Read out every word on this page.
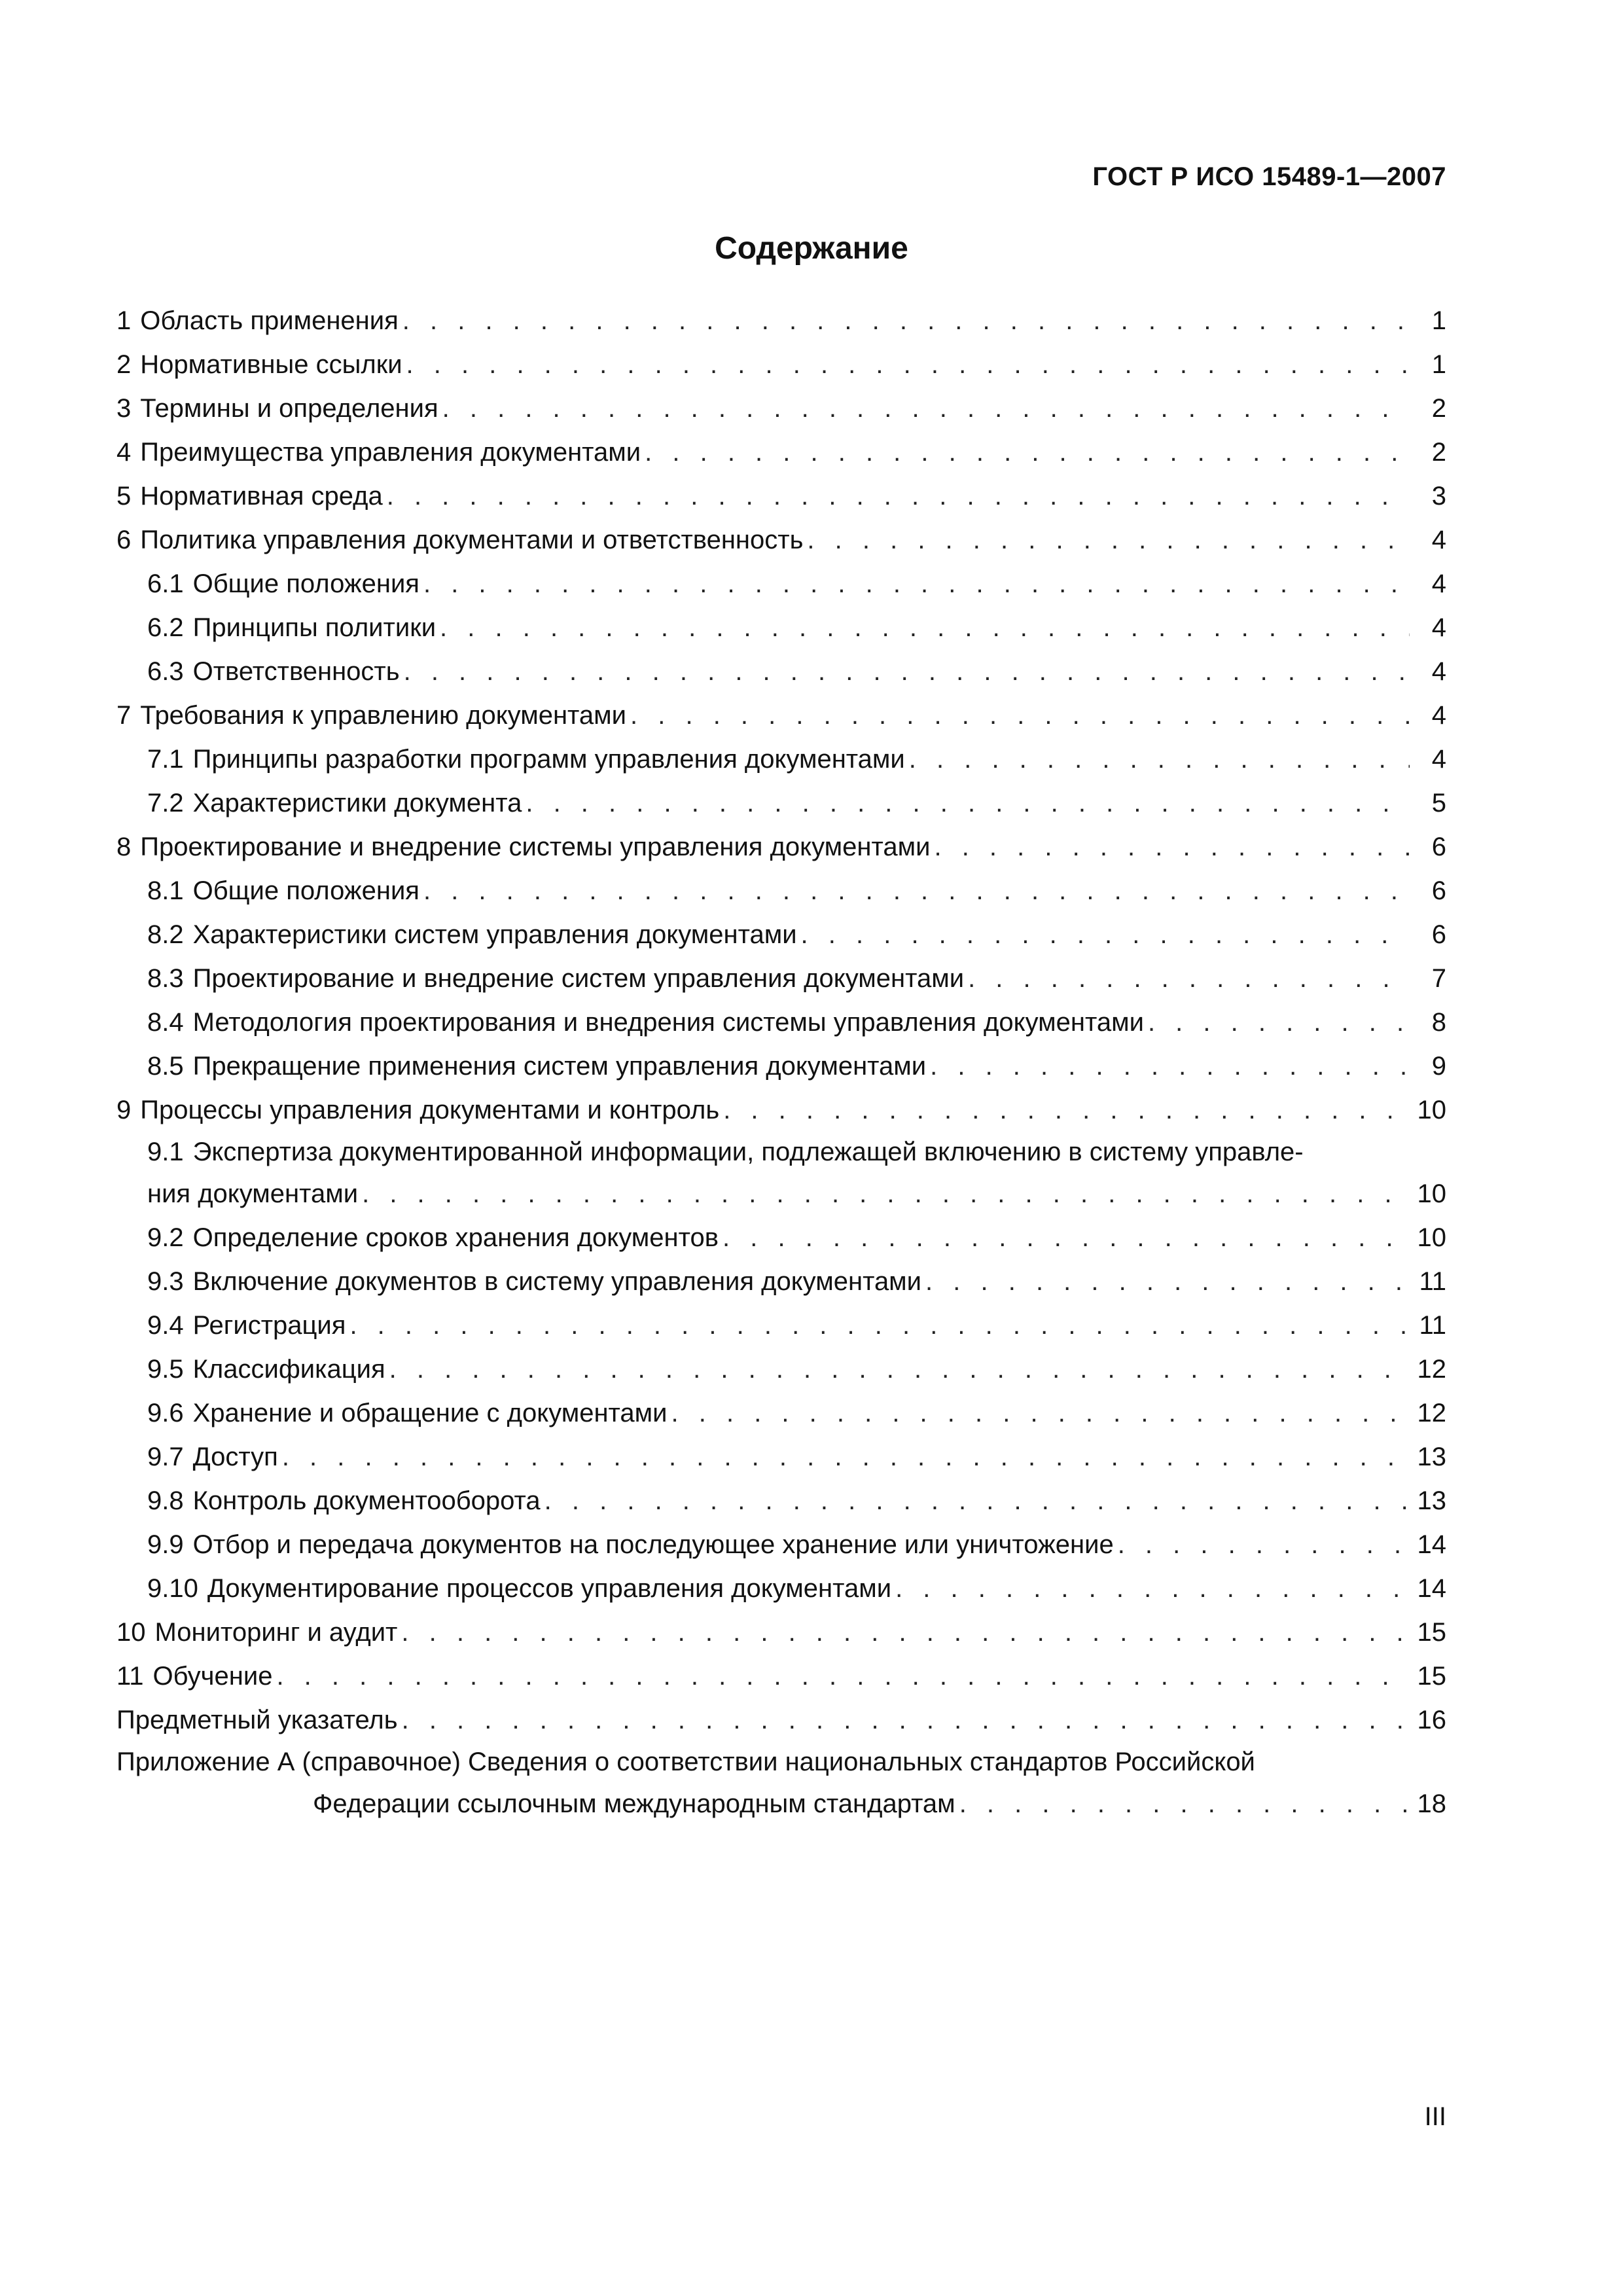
ГОСТ Р ИСО 15489-1—2007
Содержание
1 Область применения . . .	1
2 Нормативные ссылки . . .	1
3 Термины и определения . . .	2
4 Преимущества управления документами . . .	2
5 Нормативная среда . . .	3
6 Политика управления документами и ответственность . . .	4
6.1 Общие положения . . .	4
6.2 Принципы политики . . .	4
6.3 Ответственность . . .	4
7 Требования к управлению документами . . .	4
7.1 Принципы разработки программ управления документами . . .	4
7.2 Характеристики документа . . .	5
8 Проектирование и внедрение системы управления документами . . .	6
8.1 Общие положения . . .	6
8.2 Характеристики систем управления документами . . .	6
8.3 Проектирование и внедрение систем управления документами . . .	7
8.4 Методология проектирования и внедрения системы управления документами . . .	8
8.5 Прекращение применения систем управления документами . . .	9
9 Процессы управления документами и контроль . . .	10
9.1 Экспертиза документированной информации, подлежащей включению в систему управле-
ния документами . . .	10
9.2 Определение сроков хранения документов . . .	10
9.3 Включение документов в систему управления документами . . .	11
9.4 Регистрация . . .	11
9.5 Классификация . . .	12
9.6 Хранение и обращение с документами . . .	12
9.7 Доступ . . .	13
9.8 Контроль документооборота . . .	13
9.9 Отбор и передача документов на последующее хранение или уничтожение . . .	14
9.10 Документирование процессов управления документами . . .	14
10 Мониторинг и аудит . . .	15
11 Обучение . . .	15
Предметный указатель . . .	16
Приложение А (справочное) Сведения о соответствии национальных стандартов Российской
Федерации ссылочным международным стандартам . . .	18
III
